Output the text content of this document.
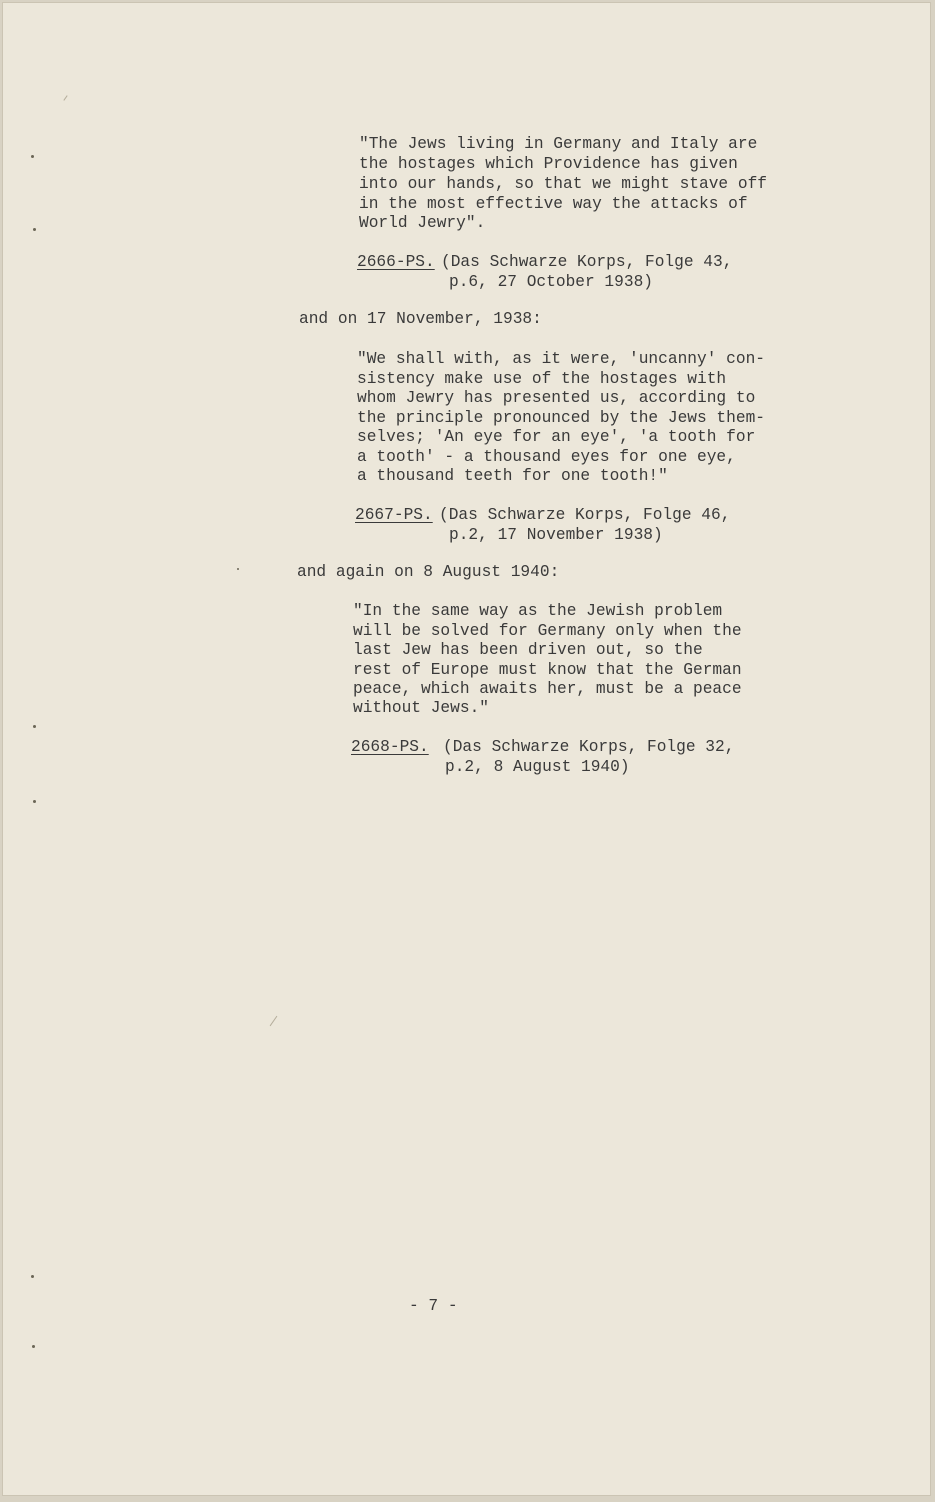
"The Jews living in Germany and Italy are
the hostages which Providence has given
into our hands, so that we might stave off
in the most effective way the attacks of
World Jewry".
2666-PS. (Das Schwarze Korps, Folge 43,
p.6, 27 October 1938)
and on 17 November, 1938:
"We shall with, as it were, 'uncanny' con-
sistency make use of the hostages with
whom Jewry has presented us, according to
the principle pronounced by the Jews them-
selves; 'An eye for an eye', 'a tooth for
a tooth' - a thousand eyes for one eye,
a thousand teeth for one tooth!"
2667-PS. (Das Schwarze Korps, Folge 46,
p.2, 17 November 1938)
and again on 8 August 1940:
"In the same way as the Jewish problem
will be solved for Germany only when the
last Jew has been driven out, so the
rest of Europe must know that the German
peace, which awaits her, must be a peace
without Jews."
2668-PS. (Das Schwarze Korps, Folge 32,
p.2, 8 August 1940)
- 7 -
